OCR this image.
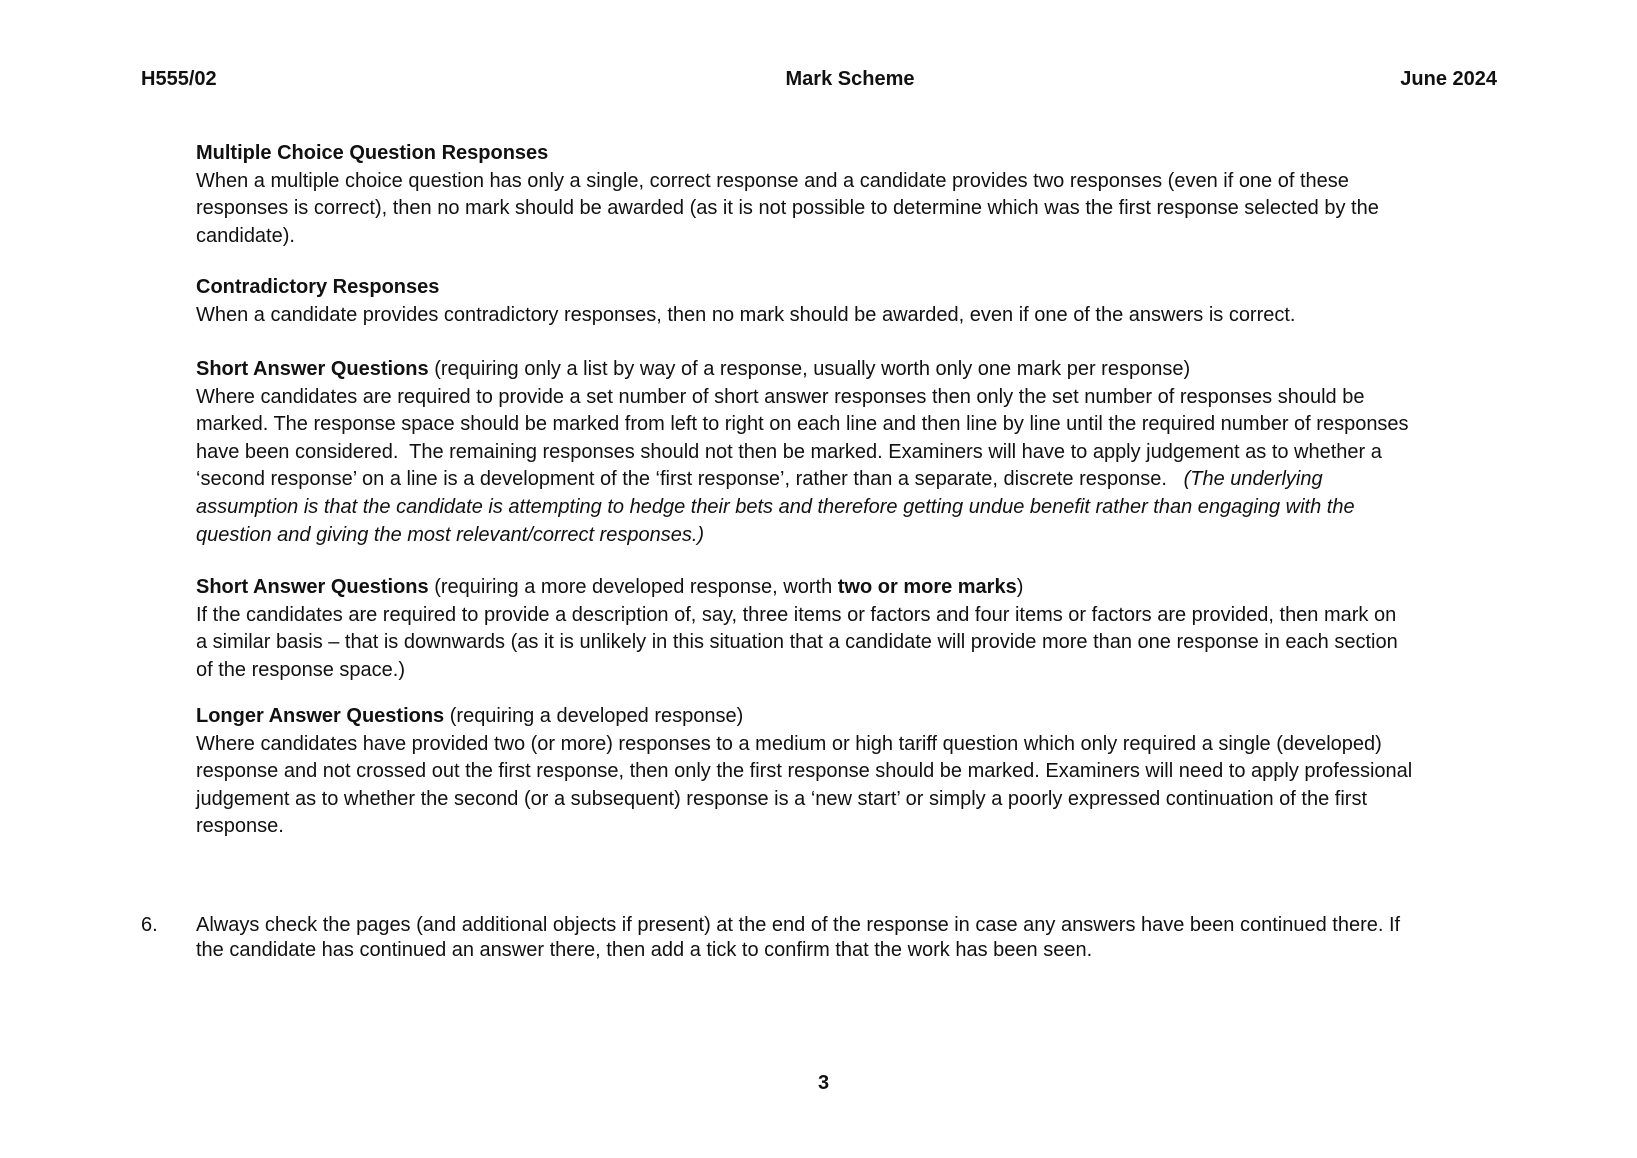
H555/02	Mark Scheme	June 2024
Multiple Choice Question Responses
When a multiple choice question has only a single, correct response and a candidate provides two responses (even if one of these
responses is correct), then no mark should be awarded (as it is not possible to determine which was the first response selected by the
candidate).
Contradictory Responses
When a candidate provides contradictory responses, then no mark should be awarded, even if one of the answers is correct.
Short Answer Questions (requiring only a list by way of a response, usually worth only one mark per response)
Where candidates are required to provide a set number of short answer responses then only the set number of responses should be
marked. The response space should be marked from left to right on each line and then line by line until the required number of responses
have been considered.  The remaining responses should not then be marked. Examiners will have to apply judgement as to whether a
‘second response’ on a line is a development of the ‘first response’, rather than a separate, discrete response.   (The underlying
assumption is that the candidate is attempting to hedge their bets and therefore getting undue benefit rather than engaging with the
question and giving the most relevant/correct responses.)
Short Answer Questions (requiring a more developed response, worth two or more marks)
If the candidates are required to provide a description of, say, three items or factors and four items or factors are provided, then mark on
a similar basis – that is downwards (as it is unlikely in this situation that a candidate will provide more than one response in each section
of the response space.)
Longer Answer Questions (requiring a developed response)
Where candidates have provided two (or more) responses to a medium or high tariff question which only required a single (developed)
response and not crossed out the first response, then only the first response should be marked. Examiners will need to apply professional
judgement as to whether the second (or a subsequent) response is a ‘new start’ or simply a poorly expressed continuation of the first
response.
6. Always check the pages (and additional objects if present) at the end of the response in case any answers have been continued there. If
the candidate has continued an answer there, then add a tick to confirm that the work has been seen.
3
